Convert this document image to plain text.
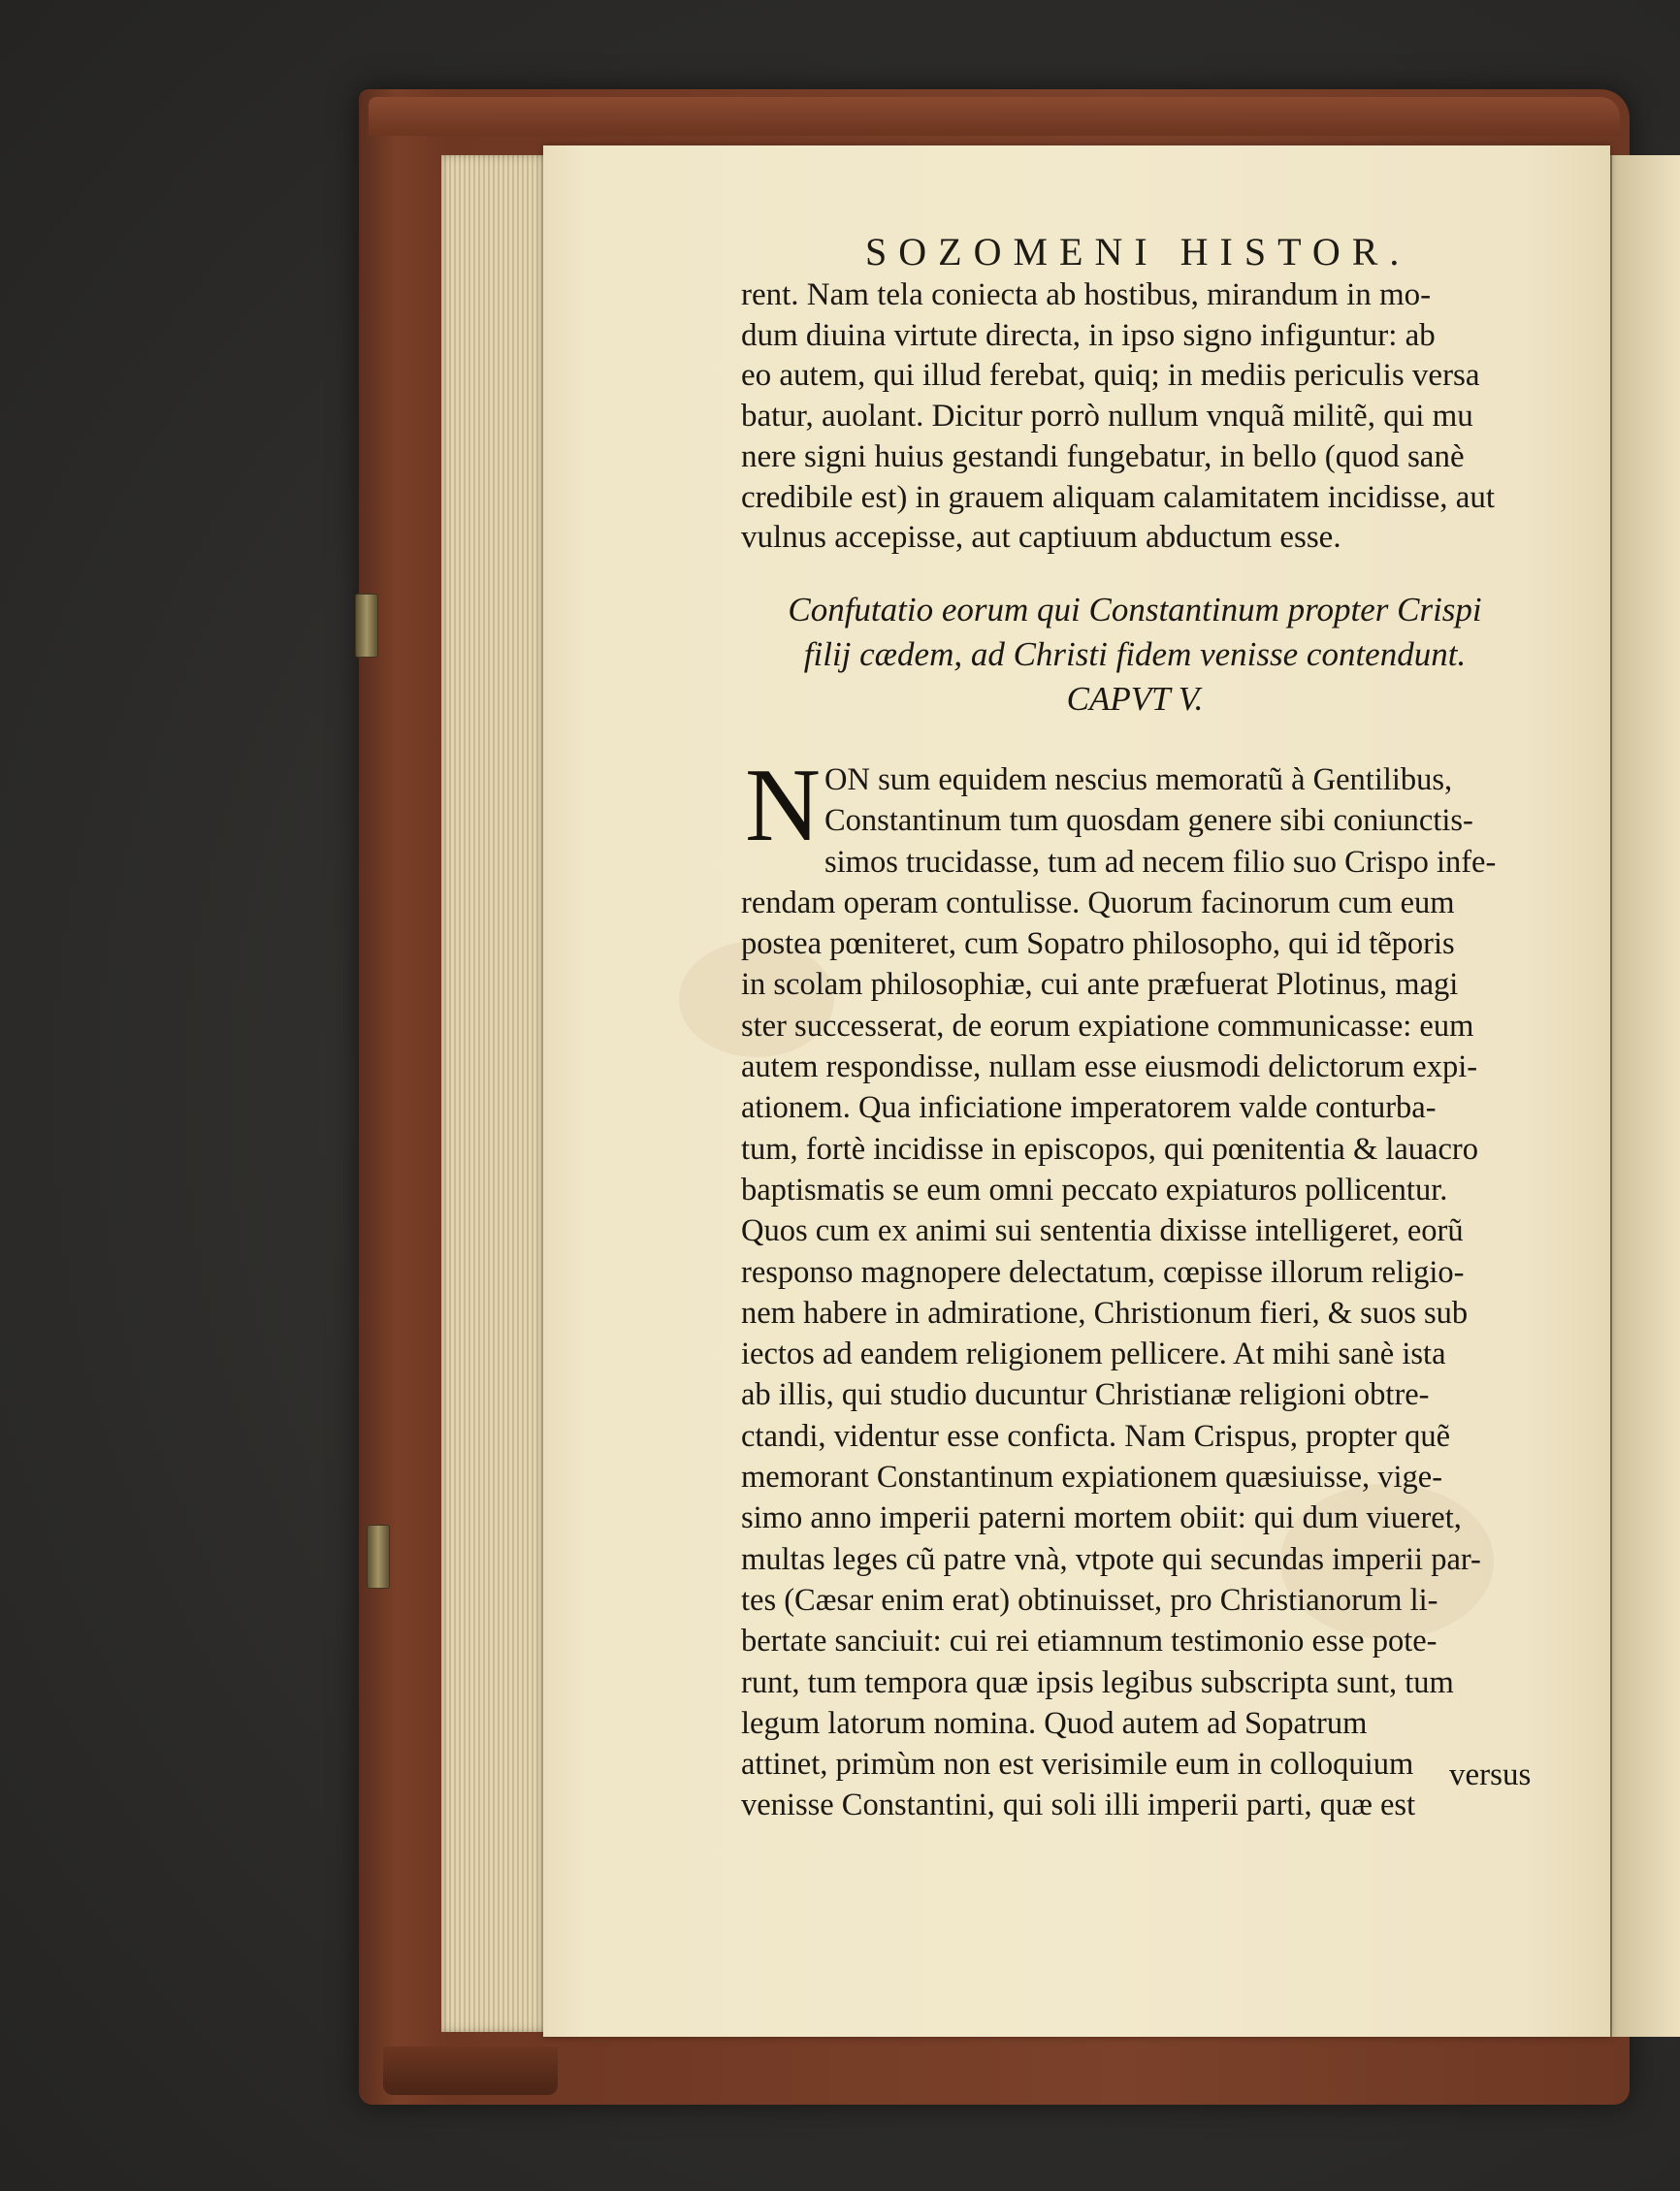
SOZOMENI HISTOR.
rent. Nam tela coniecta ab hostibus, mirandum in mo-
dum diuina virtute directa, in ipso signo infiguntur: ab
eo autem, qui illud ferebat, quiq; in mediis periculis versa
batur, auolant. Dicitur porrò nullum vnquã militẽ, qui mu
nere signi huius gestandi fungebatur, in bello (quod sanè
credibile est) in grauem aliquam calamitatem incidisse, aut
vulnus accepisse, aut captiuum abductum esse.
Confutatio eorum qui Constantinum propter Crispi
filij cædem, ad Christi fidem venisse contendunt.
CAPVT V.
N ON sum equidem nescius memoratũ à Gentilibus,
Constantinum tum quosdam genere sibi coniunctis-
simos trucidasse, tum ad necem filio suo Crispo infe-
rendam operam contulisse. Quorum facinorum cum eum
postea pœniteret, cum Sopatro philosopho, qui id tẽporis
in scolam philosophiæ, cui ante præfuerat Plotinus, magi
ster successerat, de eorum expiatione communicasse: eum
autem respondisse, nullam esse eiusmodi delictorum expi-
ationem. Qua inficiatione imperatorem valde conturba-
tum, fortè incidisse in episcopos, qui pœnitentia & lauacro
baptismatis se eum omni peccato expiaturos pollicentur.
Quos cum ex animi sui sententia dixisse intelligeret, eorũ
responso magnopere delectatum, cœpisse illorum religio-
nem habere in admiratione, Christionum fieri, & suos sub
iectos ad eandem religionem pellicere. At mihi sanè ista
ab illis, qui studio ducuntur Christianæ religioni obtre-
ctandi, videntur esse conficta. Nam Crispus, propter quẽ
memorant Constantinum expiationem quæsiuisse, vige-
simo anno imperii paterni mortem obiit: qui dum viueret,
multas leges cũ patre vnà, vtpote qui secundas imperii par-
tes (Cæsar enim erat) obtinuisset, pro Christianorum li-
bertate sanciuit: cui rei etiamnum testimonio esse pote-
runt, tum tempora quæ ipsis legibus subscripta sunt, tum
legum latorum nomina. Quod autem ad Sopatrum
attinet, primùm non est verisimile eum in colloquium
venisse Constantini, qui soli illi imperii parti, quæ est
versus
